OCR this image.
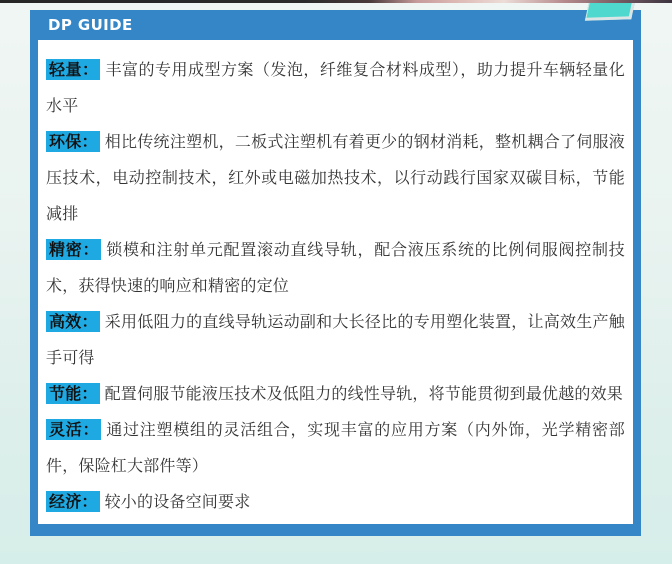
DP GUIDE

轻量： 丰富的专用成型方案（发泡，纤维复合材料成型），助力提升车辆轻量化水平

环保： 相比传统注塑机，二板式注塑机有着更少的钢材消耗，整机耦合了伺服液压技术，电动控制技术，红外或电磁加热技术，以行动践行国家双碳目标，节能减排

精密： 锁模和注射单元配置滚动直线导轨，配合液压系统的比例伺服阀控制技术，获得快速的响应和精密的定位

高效： 采用低阻力的直线导轨运动副和大长径比的专用塑化装置，让高效生产触手可得

节能： 配置伺服节能液压技术及低阻力的线性导轨，将节能贯彻到最优越的效果

灵活： 通过注塑模组的灵活组合，实现丰富的应用方案（内外饰，光学精密部件，保险杠大部件等）

经济： 较小的设备空间要求
